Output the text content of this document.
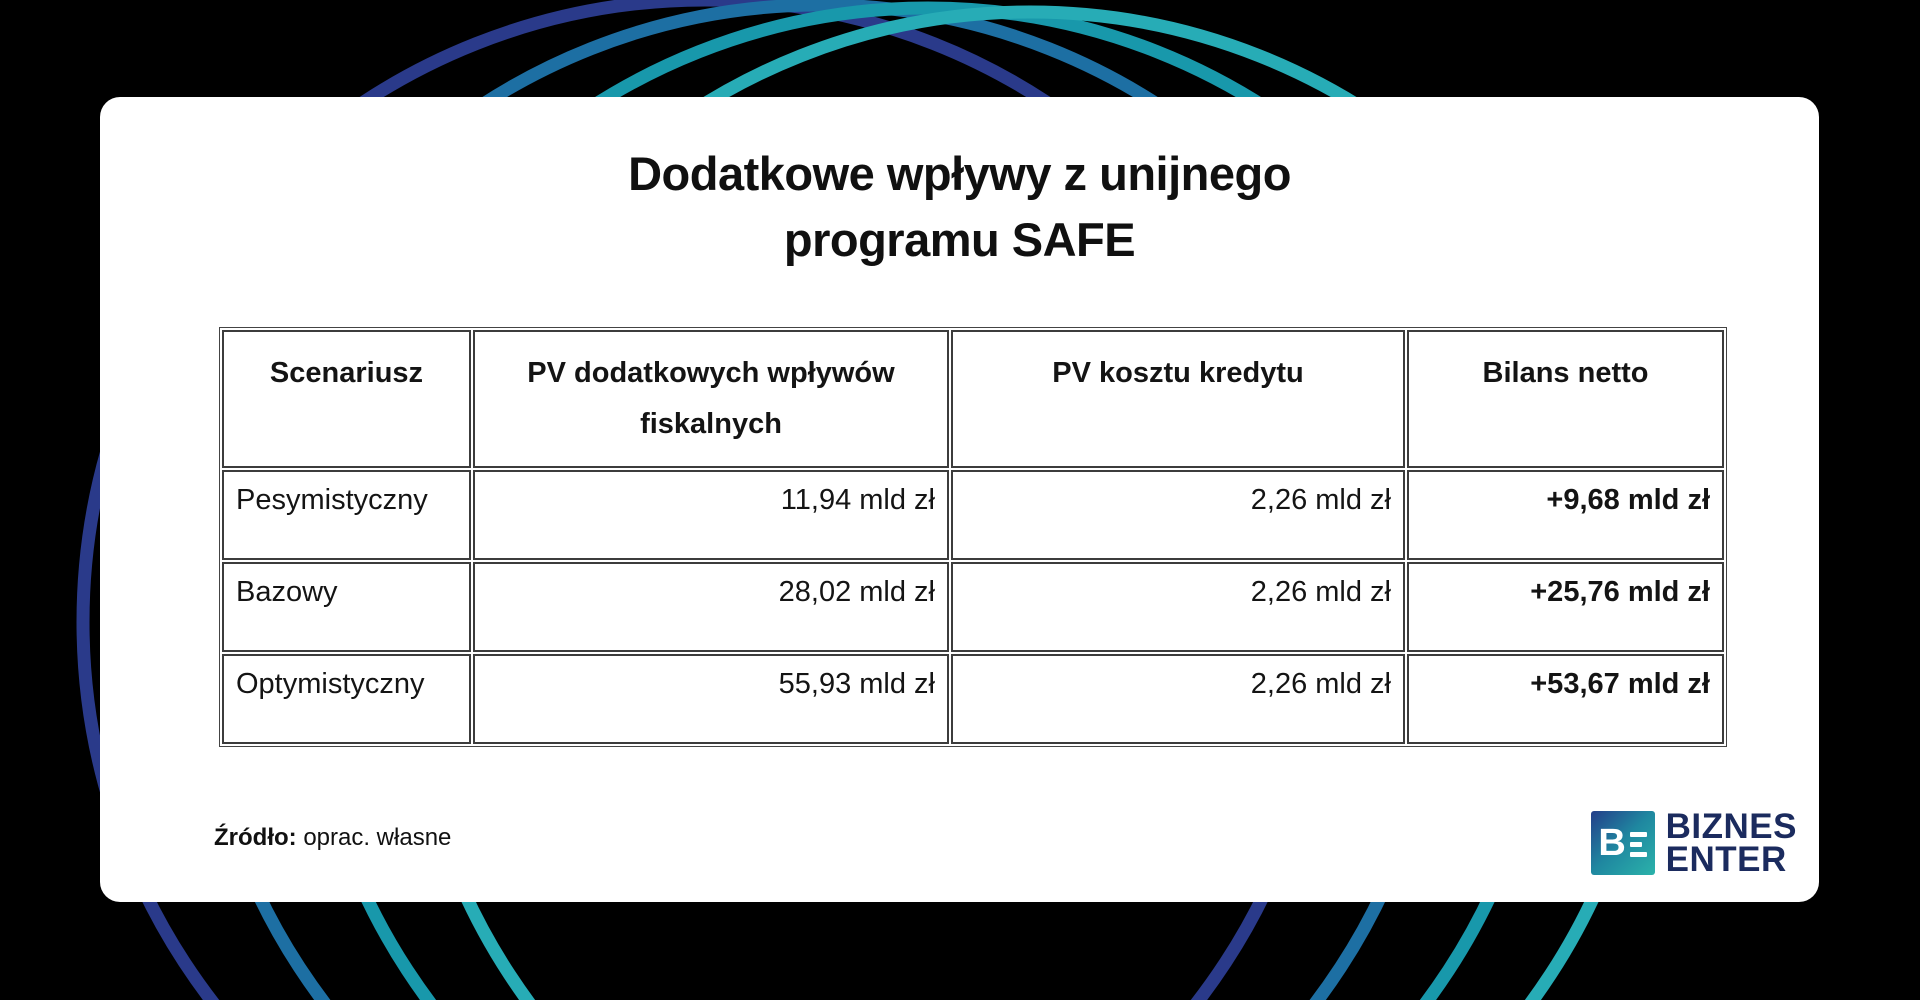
Dodatkowe wpływy z unijnego
programu SAFE
Scenariusz	PV dodatkowych wpływów fiskalnych	PV kosztu kredytu	Bilans netto
Pesymistyczny	11,94 mld zł	2,26 mld zł	+9,68 mld zł
Bazowy	28,02 mld zł	2,26 mld zł	+25,76 mld zł
Optymistyczny	55,93 mld zł	2,26 mld zł	+53,67 mld zł
Źródło: oprac. własne	B BIZNES
ENTER
